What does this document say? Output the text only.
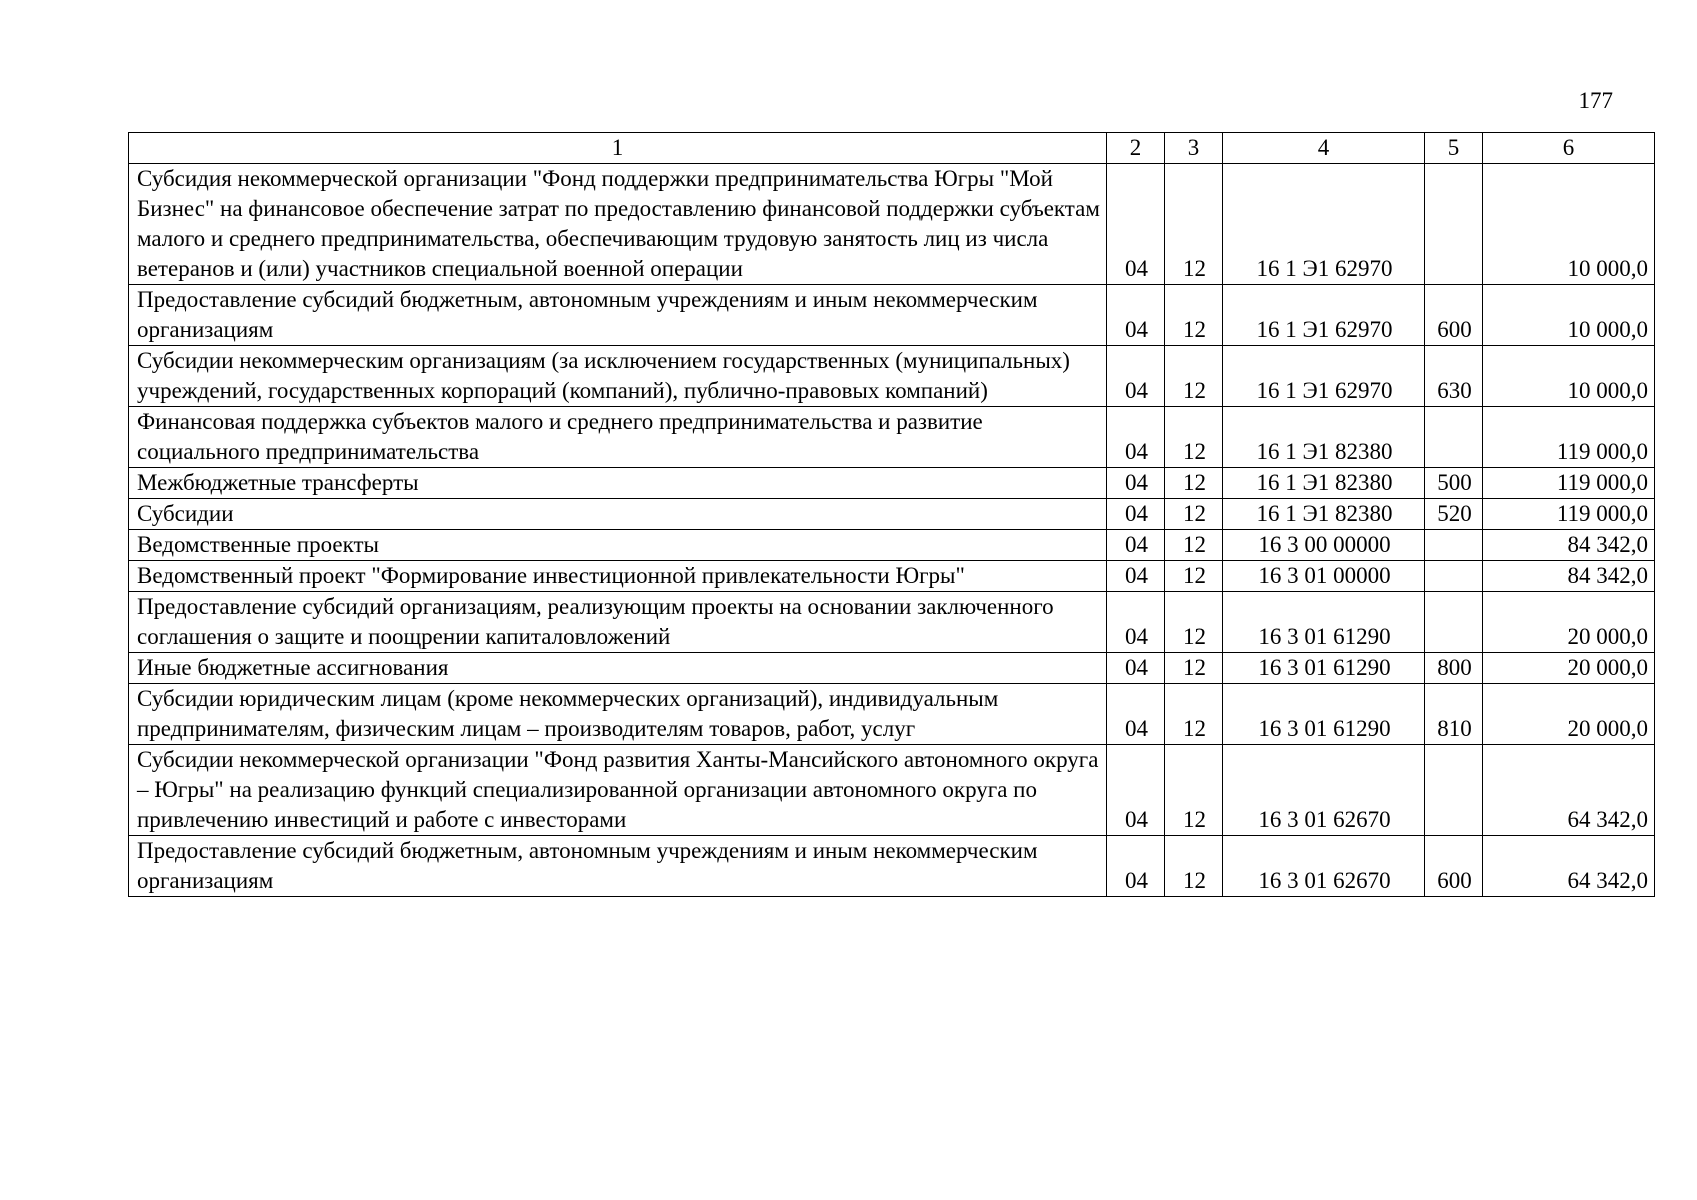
177
1	2	3	4	5	6
Субсидия некоммерческой организации "Фонд поддержки предпринимательства Югры "Мой Бизнес" на финансовое обеспечение затрат по предоставлению финансовой поддержки субъектам малого и среднего предпринимательства, обеспечивающим трудовую занятость лиц из числа ветеранов и (или) участников специальной военной операции	04	12	16 1 Э1 62970		10 000,0
Предоставление субсидий бюджетным, автономным учреждениям и иным некоммерческим организациям	04	12	16 1 Э1 62970	600	10 000,0
Субсидии некоммерческим организациям (за исключением государственных (муниципальных) учреждений, государственных корпораций (компаний), публично-правовых компаний)	04	12	16 1 Э1 62970	630	10 000,0
Финансовая поддержка субъектов малого и среднего предпринимательства и развитие социального предпринимательства	04	12	16 1 Э1 82380		119 000,0
Межбюджетные трансферты	04	12	16 1 Э1 82380	500	119 000,0
Субсидии	04	12	16 1 Э1 82380	520	119 000,0
Ведомственные проекты	04	12	16 3 00 00000		84 342,0
Ведомственный проект "Формирование инвестиционной привлекательности Югры"	04	12	16 3 01 00000		84 342,0
Предоставление субсидий организациям, реализующим проекты на основании заключенного соглашения о защите и поощрении капиталовложений	04	12	16 3 01 61290		20 000,0
Иные бюджетные ассигнования	04	12	16 3 01 61290	800	20 000,0
Субсидии юридическим лицам (кроме некоммерческих организаций), индивидуальным предпринимателям, физическим лицам – производителям товаров, работ, услуг	04	12	16 3 01 61290	810	20 000,0
Субсидии некоммерческой организации "Фонд развития Ханты-Мансийского автономного округа – Югры" на реализацию функций специализированной организации автономного округа по привлечению инвестиций и работе с инвесторами	04	12	16 3 01 62670		64 342,0
Предоставление субсидий бюджетным, автономным учреждениям и иным некоммерческим организациям	04	12	16 3 01 62670	600	64 342,0
